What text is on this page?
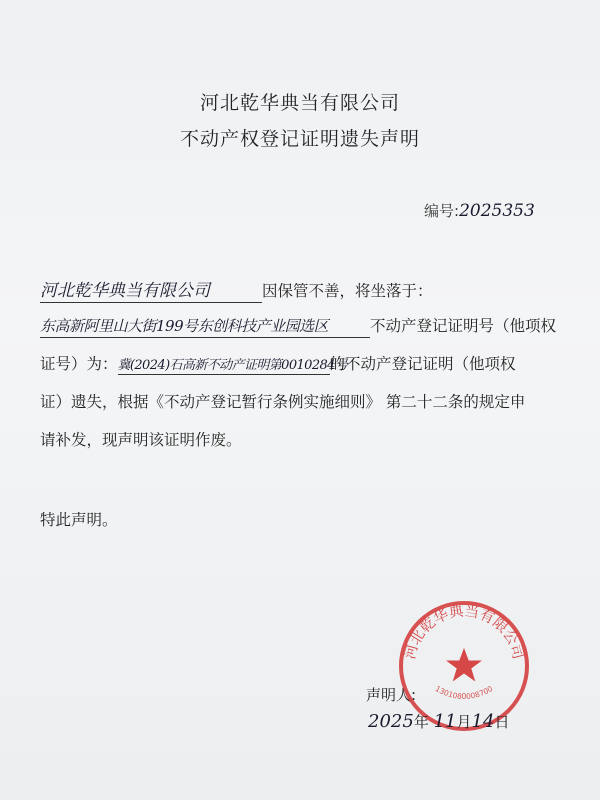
河北乾华典当有限公司
不动产权登记证明遗失声明
编号:2025353
河北乾华典当有限公司	因保管不善，将坐落于：
东高新阿里山大街199号东创科技产业园选区	不动产登记证明号（他项权
证号）为：冀(2024)石高新不动产证明第0010284号的不动产登记证明（他项权
证）遗失，根据《不动产登记暂行条例实施细则》 第二十二条的规定申
请补发，现声明该证明作废。
特此声明。
声明人:
河北乾华典当有限公司
1301080008700
2025年 11月14日
